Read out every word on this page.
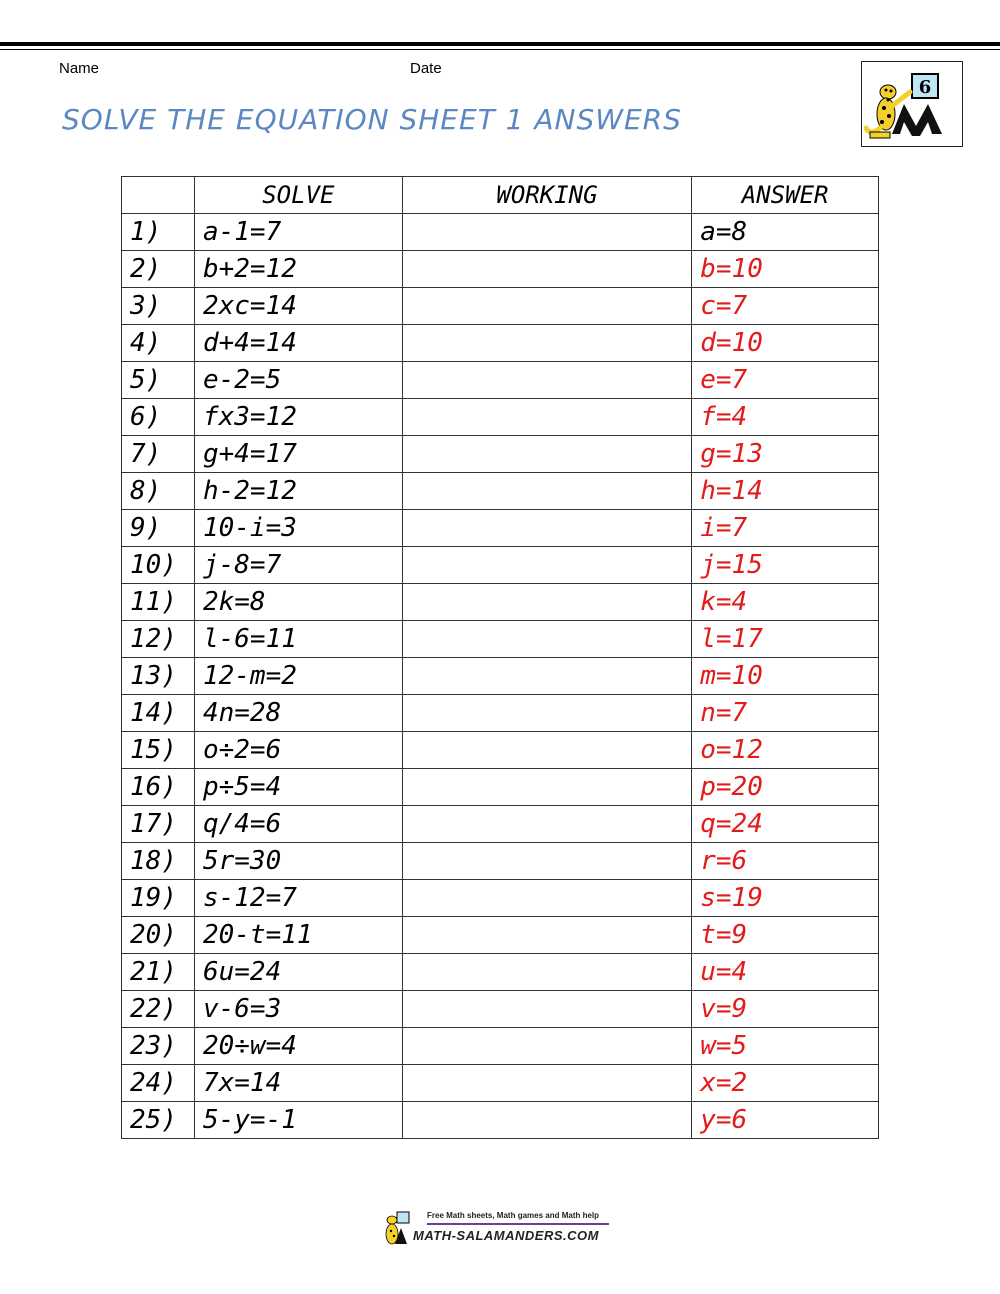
Name	Date
SOLVE THE EQUATION SHEET 1 ANSWERS
6
	SOLVE	WORKING	ANSWER
1)	a-1=7		a=8
2)	b+2=12		b=10
3)	2xc=14		c=7
4)	d+4=14		d=10
5)	e-2=5		e=7
6)	fx3=12		f=4
7)	g+4=17		g=13
8)	h-2=12		h=14
9)	10-i=3		i=7
10)	j-8=7		j=15
11)	2k=8		k=4
12)	l-6=11		l=17
13)	12-m=2		m=10
14)	4n=28		n=7
15)	o÷2=6		o=12
16)	p÷5=4		p=20
17)	q/4=6		q=24
18)	5r=30		r=6
19)	s-12=7		s=19
20)	20-t=11		t=9
21)	6u=24		u=4
22)	v-6=3		v=9
23)	20÷w=4		w=5
24)	7x=14		x=2
25)	5-y=-1		y=6
Free Math sheets, Math games and Math help
MATH-SALAMANDERS.COM
